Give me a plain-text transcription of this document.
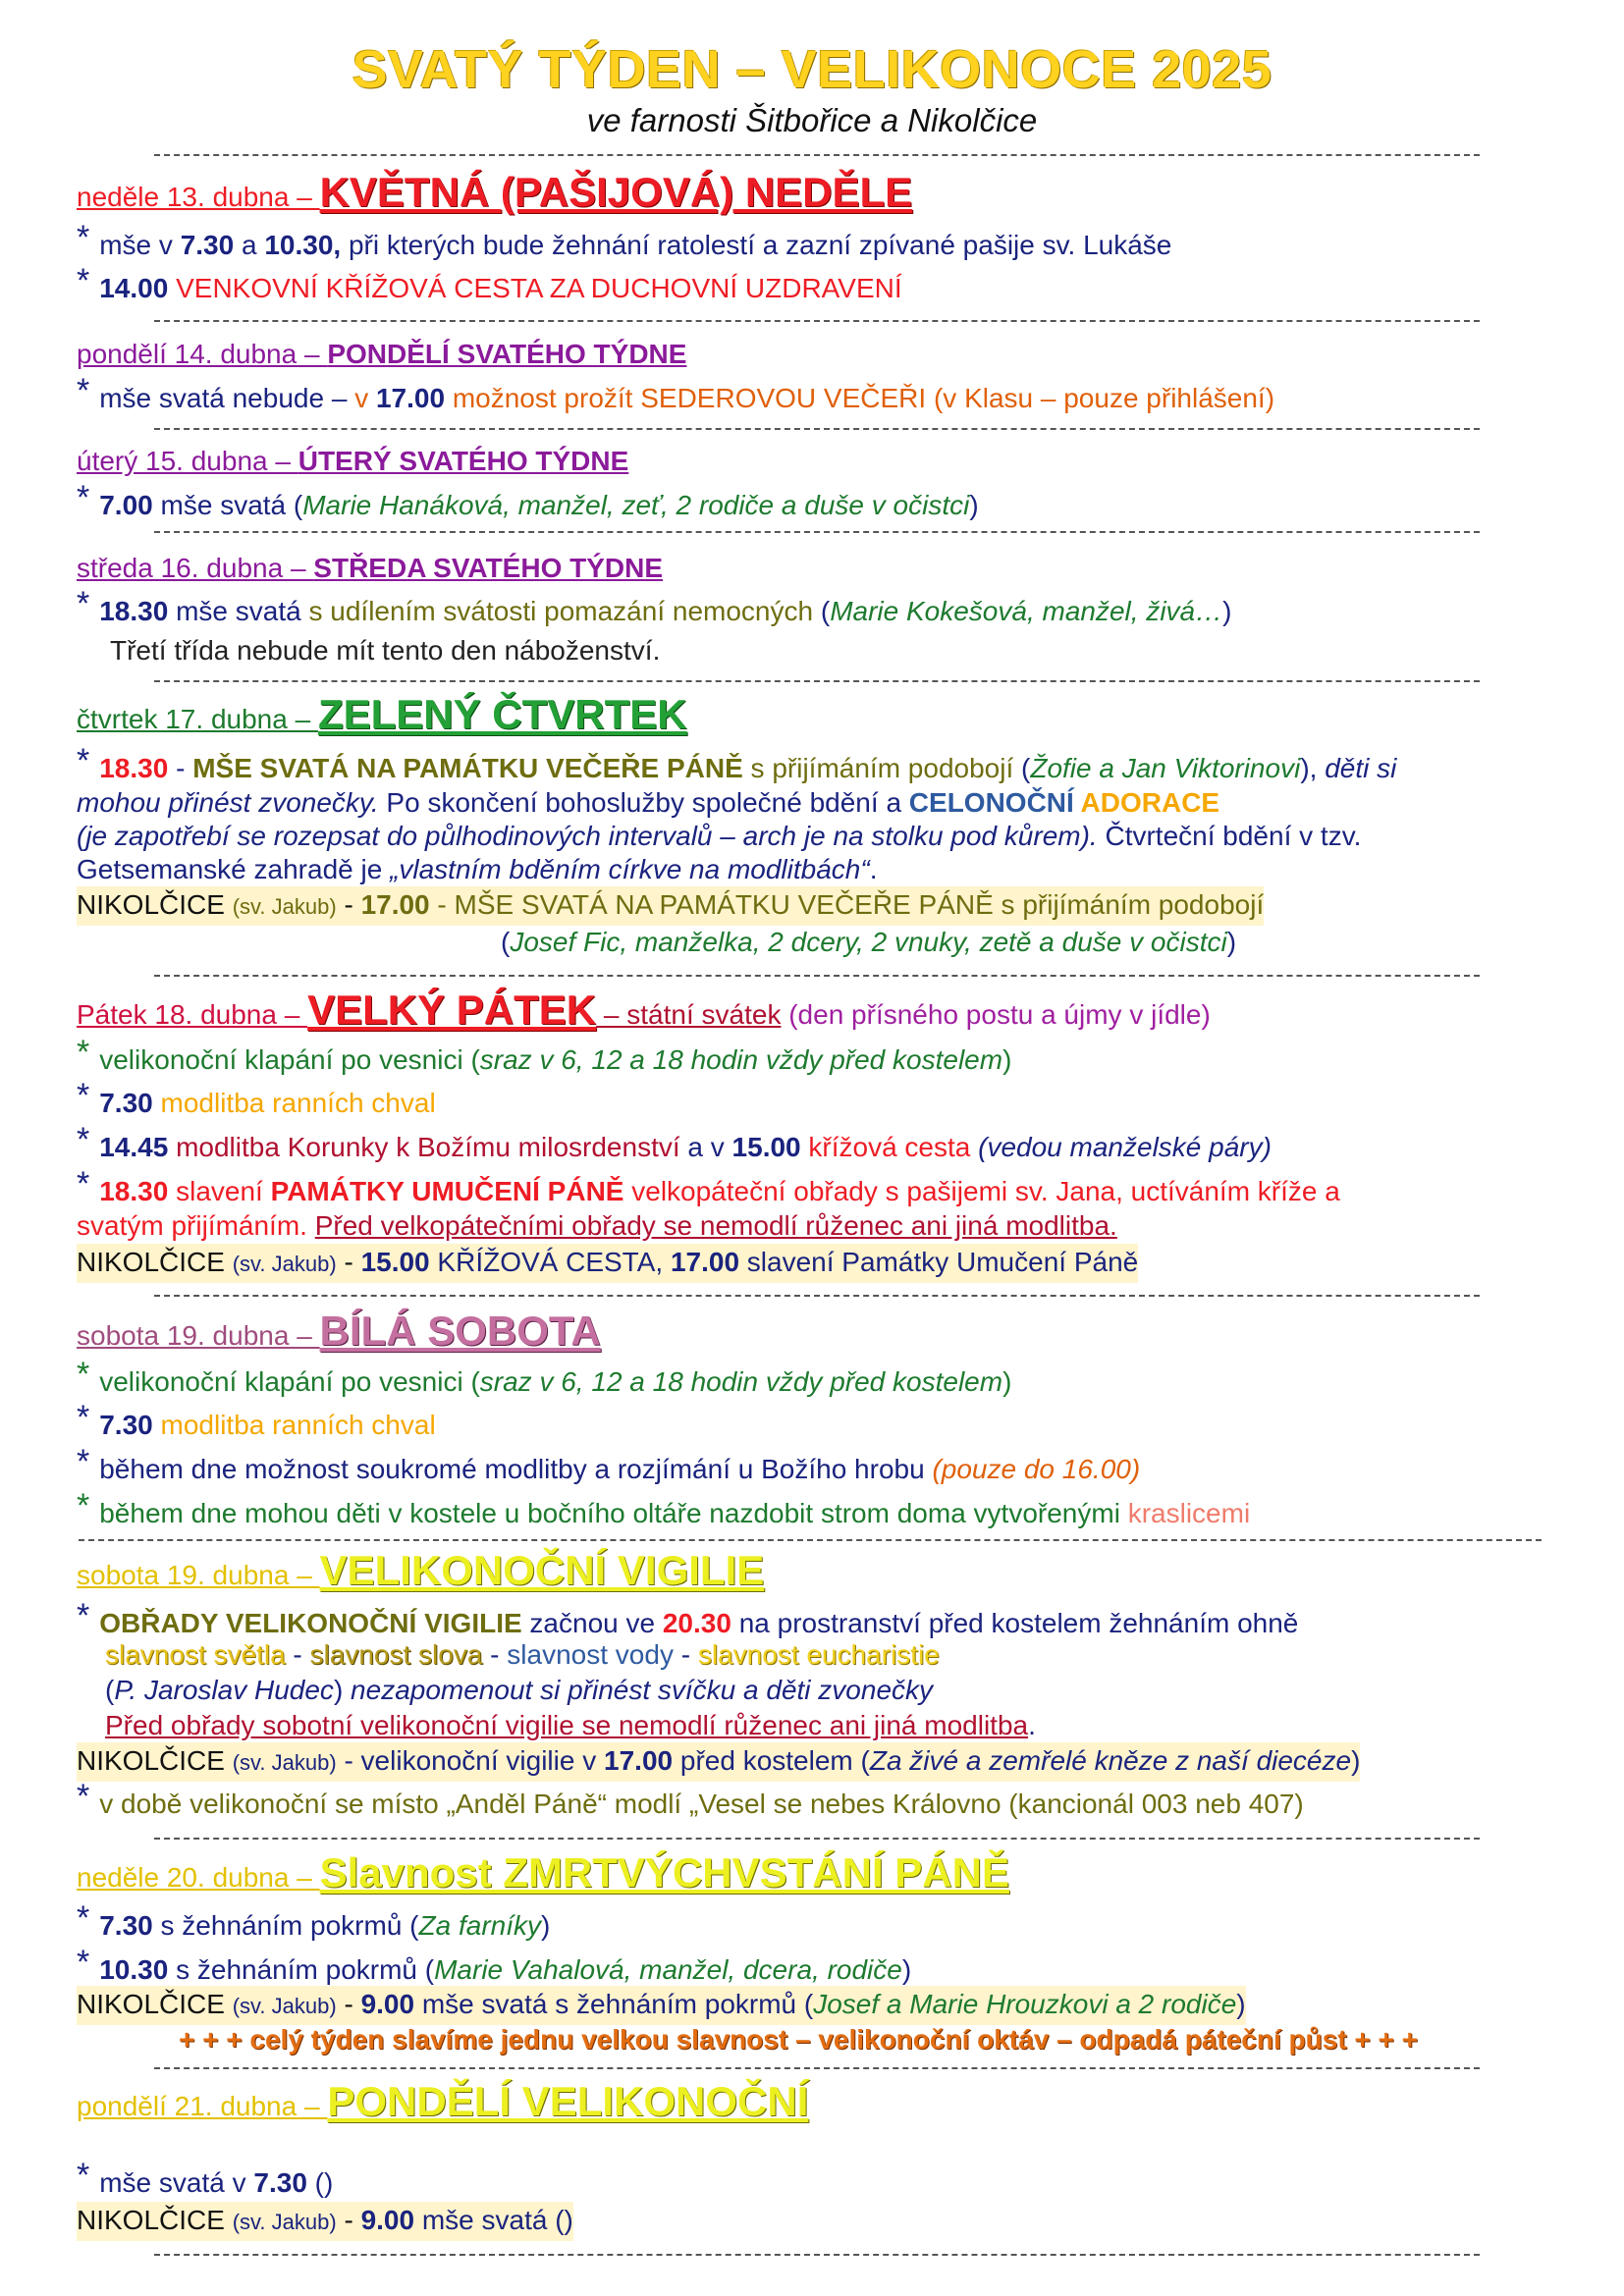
SVATÝ TÝDEN – VELIKONOCE 2025
ve farnosti Šitbořice a Nikolčice
neděle 13. dubna – KVĚTNÁ (PAŠIJOVÁ) NEDĚLE
* mše v 7.30 a 10.30, při kterých bude žehnání ratolestí a zazní zpívané pašije sv. Lukáše
* 14.00 VENKOVNÍ KŘÍŽOVÁ CESTA ZA DUCHOVNÍ UZDRAVENÍ
pondělí 14. dubna – PONDĚLÍ SVATÉHO TÝDNE
* mše svatá nebude – v 17.00 možnost prožít SEDEROVOU VEČEŘI (v Klasu – pouze přihlášení)
úterý 15. dubna – ÚTERÝ SVATÉHO TÝDNE
* 7.00 mše svatá (Marie Hanáková, manžel, zeť, 2 rodiče a duše v očistci)
středa 16. dubna – STŘEDA SVATÉHO TÝDNE
* 18.30 mše svatá s udílením svátosti pomazání nemocných (Marie Kokešová, manžel, živá…)
Třetí třída nebude mít tento den náboženství.
čtvrtek 17. dubna – ZELENÝ ČTVRTEK
* 18.30 - MŠE SVATÁ NA PAMÁTKU VEČEŘE PÁNĚ s přijímáním podobojí (Žofie a Jan Viktorinovi), děti si
mohou přinést zvonečky. Po skončení bohoslužby společné bdění a CELONOČNÍ ADORACE
(je zapotřebí se rozepsat do půlhodinových intervalů – arch je na stolku pod kůrem). Čtvrteční bdění v tzv.
Getsemanské zahradě je „vlastním bděním církve na modlitbách“.
NIKOLČICE (sv. Jakub) - 17.00 - MŠE SVATÁ NA PAMÁTKU VEČEŘE PÁNĚ s přijímáním podobojí
(Josef Fic, manželka, 2 dcery, 2 vnuky, zetě a duše v očistci)
Pátek 18. dubna – VELKÝ PÁTEK – státní svátek (den přísného postu a újmy v jídle)
* velikonoční klapání po vesnici (sraz v 6, 12 a 18 hodin vždy před kostelem)
* 7.30 modlitba ranních chval
* 14.45 modlitba Korunky k Božímu milosrdenství a v 15.00 křížová cesta (vedou manželské páry)
* 18.30 slavení PAMÁTKY UMUČENÍ PÁNĚ velkopáteční obřady s pašijemi sv. Jana, uctíváním kříže a
svatým přijímáním. Před velkopátečními obřady se nemodlí růženec ani jiná modlitba.
NIKOLČICE (sv. Jakub) - 15.00 KŘÍŽOVÁ CESTA, 17.00 slavení Památky Umučení Páně
sobota 19. dubna – BÍLÁ SOBOTA
* velikonoční klapání po vesnici (sraz v 6, 12 a 18 hodin vždy před kostelem)
* 7.30 modlitba ranních chval
* během dne možnost soukromé modlitby a rozjímání u Božího hrobu (pouze do 16.00)
* během dne mohou děti v kostele u bočního oltáře nazdobit strom doma vytvořenými kraslicemi
sobota 19. dubna – VELIKONOČNÍ VIGILIE
* OBŘADY VELIKONOČNÍ VIGILIE začnou ve 20.30 na prostranství před kostelem žehnáním ohně
slavnost světla - slavnost slova - slavnost vody - slavnost eucharistie
(P. Jaroslav Hudec) nezapomenout si přinést svíčku a děti zvonečky
Před obřady sobotní velikonoční vigilie se nemodlí růženec ani jiná modlitba.
NIKOLČICE (sv. Jakub) - velikonoční vigilie v 17.00 před kostelem (Za živé a zemřelé kněze z naší diecéze)
* v době velikonoční se místo „Anděl Páně“ modlí „Vesel se nebes Královno (kancionál 003 neb 407)
neděle 20. dubna – Slavnost ZMRTVÝCHVSTÁNÍ PÁNĚ
* 7.30 s žehnáním pokrmů (Za farníky)
* 10.30 s žehnáním pokrmů (Marie Vahalová, manžel, dcera, rodiče)
NIKOLČICE (sv. Jakub) - 9.00 mše svatá s žehnáním pokrmů (Josef a Marie Hrouzkovi a 2 rodiče)
+ + + celý týden slavíme jednu velkou slavnost – velikonoční oktáv – odpadá páteční půst + + +
pondělí 21. dubna – PONDĚLÍ VELIKONOČNÍ
* mše svatá v 7.30 ()
NIKOLČICE (sv. Jakub) - 9.00 mše svatá ()
